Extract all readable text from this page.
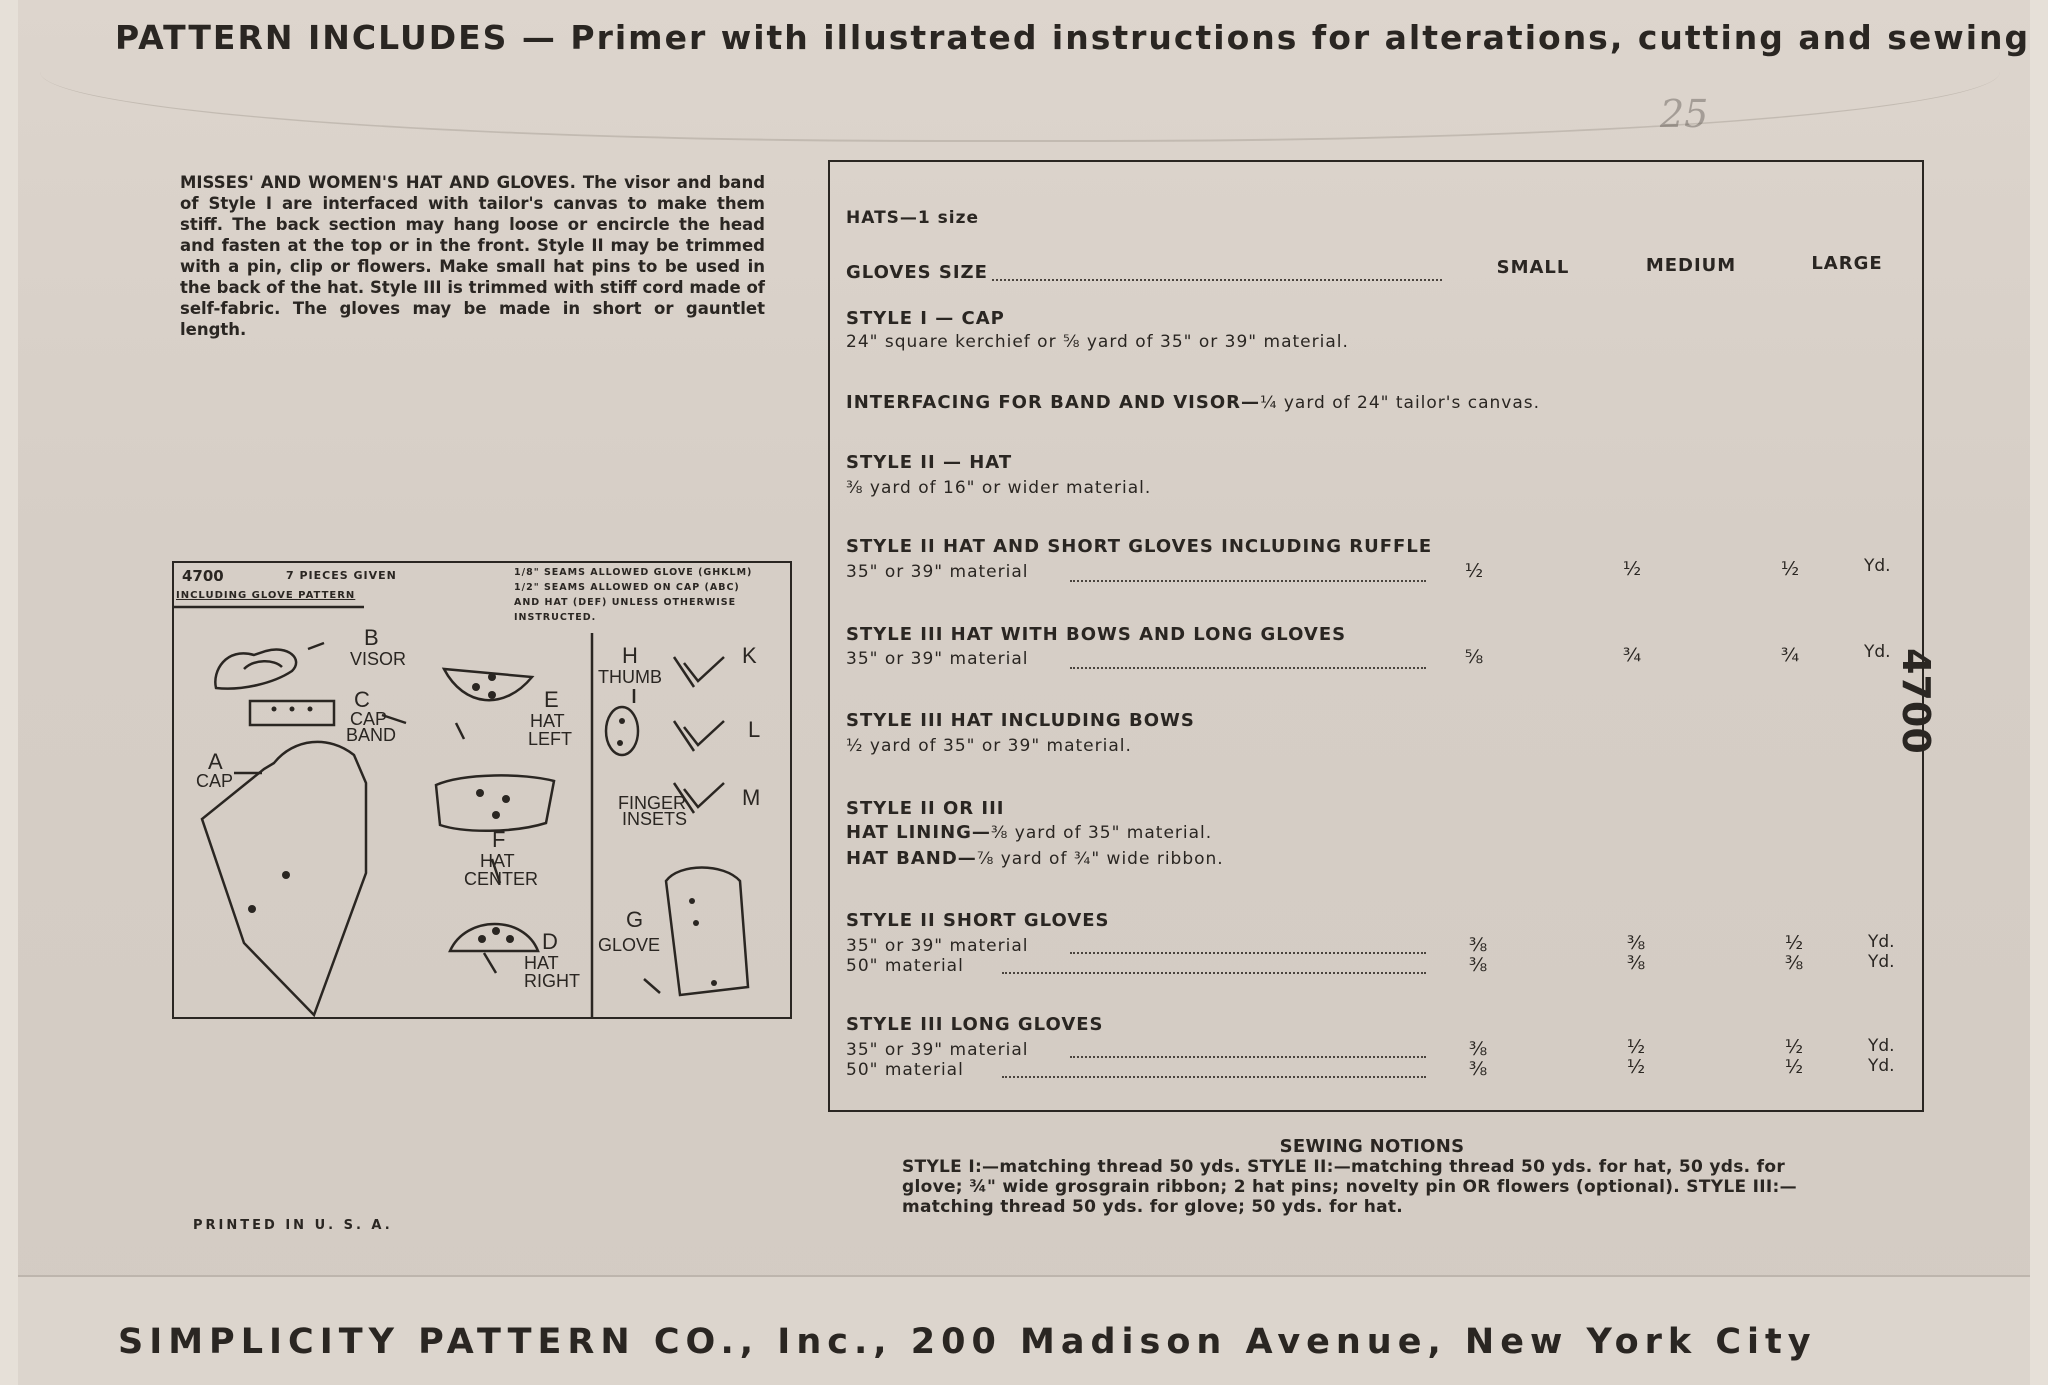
PATTERN INCLUDES — Primer with illustrated instructions for alterations, cutting and sewing
25
MISSES' AND WOMEN'S HAT AND GLOVES. The visor and band of Style I are interfaced with tailor's canvas to make them stiff. The back section may hang loose or encircle the head and fasten at the top or in the front. Style II may be trimmed with a pin, clip or flowers. Make small hat pins to be used in the back of the hat. Style III is trimmed with stiff cord made of self-fabric. The gloves may be made in short or gauntlet length.
4700	7 PIECES GIVEN
INCLUDING GLOVE PATTERN
1/8" SEAMS ALLOWED GLOVE (GHKLM)
1/2" SEAMS ALLOWED ON CAP (ABC)
AND HAT (DEF) UNLESS OTHERWISE
INSTRUCTED.
B
VISOR
C
CAP
BAND
A
CAP
E
HAT
LEFT
F
HAT
CENTER
D
HAT
RIGHT
H
THUMB
K
L
M
FINGER
INSETS
G
GLOVE
HATS—1 size
GLOVES SIZE	SMALL	MEDIUM	LARGE
STYLE I — CAP
24" square kerchief or ⅝ yard of 35" or 39" material.
INTERFACING FOR BAND AND VISOR—¼ yard of 24" tailor's canvas.
STYLE II — HAT
⅜ yard of 16" or wider material.
STYLE II HAT AND SHORT GLOVES INCLUDING RUFFLE
35" or 39" material	½	½	½	Yd.
STYLE III HAT WITH BOWS AND LONG GLOVES
35" or 39" material	⅝	¾	¾	Yd.
STYLE III HAT INCLUDING BOWS
½ yard of 35" or 39" material.
STYLE II OR III
HAT LINING—⅜ yard of 35" material.
HAT BAND—⅞ yard of ¾" wide ribbon.
STYLE II SHORT GLOVES
35" or 39" material	⅜	⅜	½	Yd.
50" material	⅜	⅜	⅜	Yd.
STYLE III LONG GLOVES
35" or 39" material	⅜	½	½	Yd.
50" material	⅜	½	½	Yd.
4700
SEWING NOTIONS
STYLE I:—matching thread 50 yds. STYLE II:—matching thread 50 yds. for hat, 50 yds. for glove; ¾" wide grosgrain ribbon; 2 hat pins; novelty pin OR flowers (optional). STYLE III:—matching thread 50 yds. for glove; 50 yds. for hat.
PRINTED IN U. S. A.
SIMPLICITY PATTERN CO., Inc., 200 Madison Avenue, New York City
